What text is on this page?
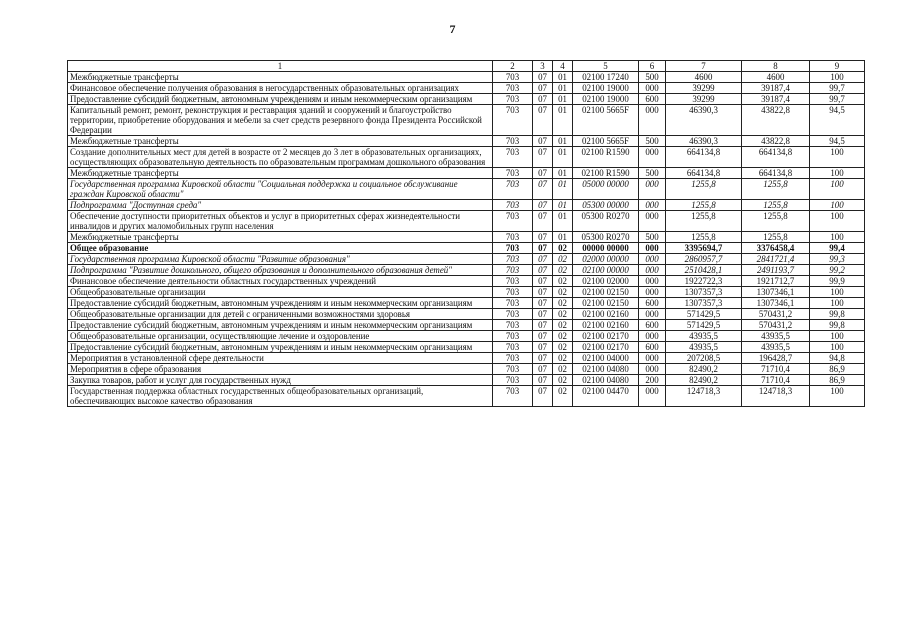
7
1	2	3	4	5	6	7	8	9
Межбюджетные трансферты	703	07	01	02100 17240	500	4600	4600	100
Финансовое обеспечение получения образования в негосударственных образовательных организациях	703	07	01	02100 19000	000	39299	39187,4	99,7
Предоставление субсидий бюджетным, автономным учреждениям и иным некоммерческим организациям	703	07	01	02100 19000	600	39299	39187,4	99,7
Капитальный ремонт, ремонт, реконструкция и реставрация зданий и сооружений и благоустройство территории, приобретение оборудования и мебели за счет средств резервного фонда Президента Российской Федерации	703	07	01	02100 5665F	000	46390,3	43822,8	94,5
Межбюджетные трансферты	703	07	01	02100 5665F	500	46390,3	43822,8	94,5
Создание дополнительных мест для детей в возрасте от 2 месяцев до 3 лет в образовательных организациях, осуществляющих образовательную деятельность по образовательным программам дошкольного образования	703	07	01	02100 R1590	000	664134,8	664134,8	100
Межбюджетные трансферты	703	07	01	02100 R1590	500	664134,8	664134,8	100
Государственная программа Кировской области "Социальная поддержка и социальное обслуживание граждан Кировской области"	703	07	01	05000 00000	000	1255,8	1255,8	100
Подпрограмма "Доступная среда"	703	07	01	05300 00000	000	1255,8	1255,8	100
Обеспечение доступности приоритетных объектов и услуг в приоритетных сферах жизнедеятельности инвалидов и других маломобильных групп населения	703	07	01	05300 R0270	000	1255,8	1255,8	100
Межбюджетные трансферты	703	07	01	05300 R0270	500	1255,8	1255,8	100
Общее образование	703	07	02	00000 00000	000	3395694,7	3376458,4	99,4
Государственная программа Кировской области "Развитие образования"	703	07	02	02000 00000	000	2860957,7	2841721,4	99,3
Подпрограмма "Развитие дошкольного, общего образования и дополнительного образования детей"	703	07	02	02100 00000	000	2510428,1	2491193,7	99,2
Финансовое обеспечение деятельности областных государственных учреждений	703	07	02	02100 02000	000	1922722,3	1921712,7	99,9
Общеобразовательные организации	703	07	02	02100 02150	000	1307357,3	1307346,1	100
Предоставление субсидий бюджетным, автономным учреждениям и иным некоммерческим организациям	703	07	02	02100 02150	600	1307357,3	1307346,1	100
Общеобразовательные организации для детей с ограниченными возможностями здоровья	703	07	02	02100 02160	000	571429,5	570431,2	99,8
Предоставление субсидий бюджетным, автономным учреждениям и иным некоммерческим организациям	703	07	02	02100 02160	600	571429,5	570431,2	99,8
Общеобразовательные организации, осуществляющие лечение и оздоровление	703	07	02	02100 02170	000	43935,5	43935,5	100
Предоставление субсидий бюджетным, автономным учреждениям и иным некоммерческим организациям	703	07	02	02100 02170	600	43935,5	43935,5	100
Мероприятия в установленной сфере деятельности	703	07	02	02100 04000	000	207208,5	196428,7	94,8
Мероприятия в сфере образования	703	07	02	02100 04080	000	82490,2	71710,4	86,9
Закупка товаров, работ и услуг для государственных нужд	703	07	02	02100 04080	200	82490,2	71710,4	86,9
Государственная поддержка областных государственных общеобразовательных организаций, обеспечивающих высокое качество образования	703	07	02	02100 04470	000	124718,3	124718,3	100
